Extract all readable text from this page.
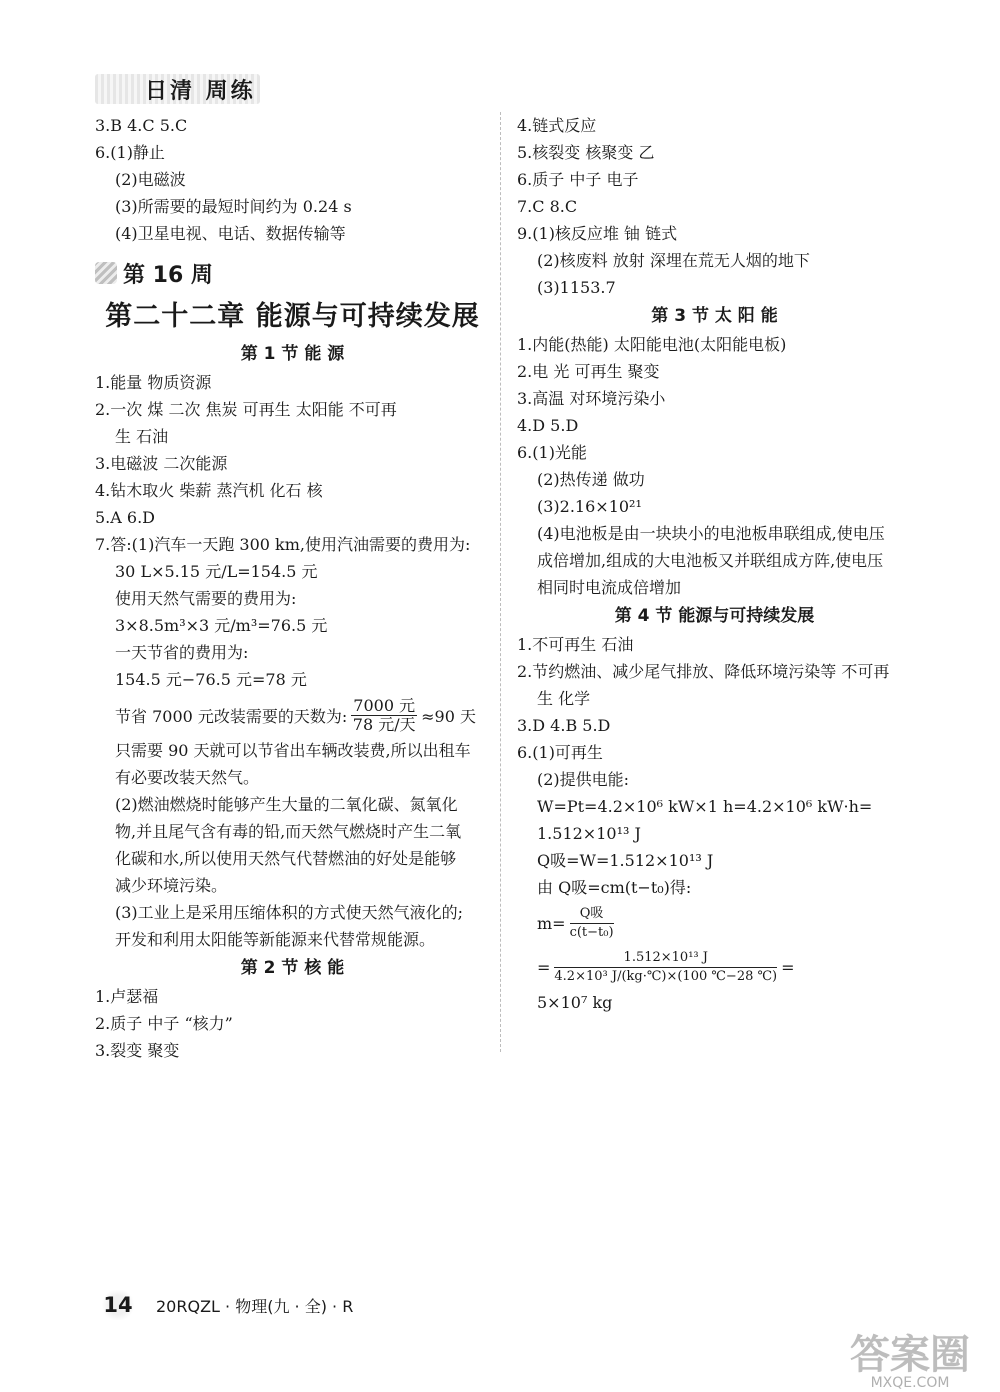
日清 周练
3.B 4.C 5.C
6.(1)静止
(2)电磁波
(3)所需要的最短时间约为 0.24 s
(4)卫星电视、电话、数据传输等
第 16 周
第二十二章 能源与可持续发展
第 1 节 能 源
1.能量 物质资源
2.一次 煤 二次 焦炭 可再生 太阳能 不可再
生 石油
3.电磁波 二次能源
4.钻木取火 柴薪 蒸汽机 化石 核
5.A 6.D
7.答:(1)汽车一天跑 300 km,使用汽油需要的费用为:
30 L×5.15 元/L=154.5 元
使用天然气需要的费用为:
3×8.5m³×3 元/m³=76.5 元
一天节省的费用为:
154.5 元−76.5 元=78 元
节省 7000 元改装需要的天数为: $\frac{\text{7000 元}}{\text{78 元/天}} \approx 90$ 天
只需要 90 天就可以节省出车辆改装费,所以出租车
有必要改装天然气。
(2)燃油燃烧时能够产生大量的二氧化碳、氮氧化
物,并且尾气含有毒的铅,而天然气燃烧时产生二氧
化碳和水,所以使用天然气代替燃油的好处是能够
减少环境污染。
(3)工业上是采用压缩体积的方式使天然气液化的;
开发和利用太阳能等新能源来代替常规能源。
第 2 节 核 能
1.卢瑟福
2.质子 中子 “核力”
3.裂变 聚变
4.链式反应
5.核裂变 核聚变 乙
6.质子 中子 电子
7.C 8.C
9.(1)核反应堆 铀 链式
(2)核废料 放射 深埋在荒无人烟的地下
(3)1153.7
第 3 节 太 阳 能
1.内能(热能) 太阳能电池(太阳能电板)
2.电 光 可再生 聚变
3.高温 对环境污染小
4.D 5.D
6.(1)光能
(2)热传递 做功
(3)2.16×10²¹
(4)电池板是由一块块小的电池板串联组成,使电压
成倍增加,组成的大电池板又并联组成方阵,使电压
相同时电流成倍增加
第 4 节 能源与可持续发展
1.不可再生 石油
2.节约燃油、减少尾气排放、降低环境污染等 不可再
生 化学
3.D 4.B 5.D
6.(1)可再生
(2)提供电能:
W=Pt=4.2×10⁶ kW×1 h=4.2×10⁶ kW·h=
1.512×10¹³ J
Q吸=W=1.512×10¹³ J
由 Q吸=cm(t−t₀)得:
$m= \frac{\text{Q吸}}{\text{c(t−t₀)}}$
= $\frac{\text{1.512×10¹³ J}}{\text{4.2×10³ J/(kg·℃)×(100 ℃−28 ℃)}}$ =
5×10⁷ kg
14 20RQZL · 物理(九 · 全) · R
答案圈
MXQE.COM
